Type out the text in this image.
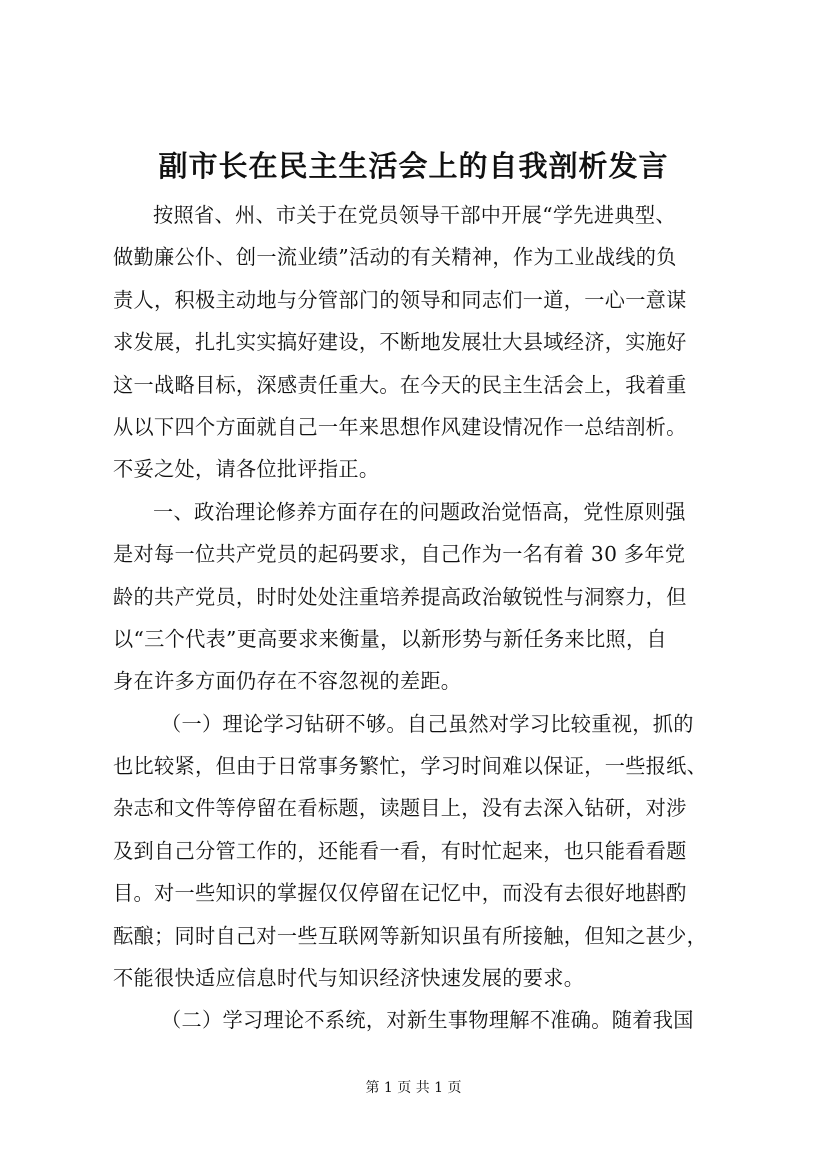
副市长在民主生活会上的自我剖析发言
按照省、州、市关于在党员领导干部中开展“学先进典型、
做勤廉公仆、创一流业绩”活动的有关精神，作为工业战线的负
责人，积极主动地与分管部门的领导和同志们一道，一心一意谋
求发展，扎扎实实搞好建设，不断地发展壮大县域经济，实施好
这一战略目标，深感责任重大。在今天的民主生活会上，我着重
从以下四个方面就自己一年来思想作风建设情况作一总结剖析。
不妥之处，请各位批评指正。
一、政治理论修养方面存在的问题政治觉悟高，党性原则强
是对每一位共产党员的起码要求，自己作为一名有着 30 多年党
龄的共产党员，时时处处注重培养提高政治敏锐性与洞察力，但
以“三个代表”更高要求来衡量，以新形势与新任务来比照，自
身在许多方面仍存在不容忽视的差距。
（一）理论学习钻研不够。自己虽然对学习比较重视，抓的
也比较紧，但由于日常事务繁忙，学习时间难以保证，一些报纸、
杂志和文件等停留在看标题，读题目上，没有去深入钻研，对涉
及到自己分管工作的，还能看一看，有时忙起来，也只能看看题
目。对一些知识的掌握仅仅停留在记忆中，而没有去很好地斟酌
酝酿；同时自己对一些互联网等新知识虽有所接触，但知之甚少，
不能很快适应信息时代与知识经济快速发展的要求。
（二）学习理论不系统，对新生事物理解不准确。随着我国
第 1 页 共 1 页
